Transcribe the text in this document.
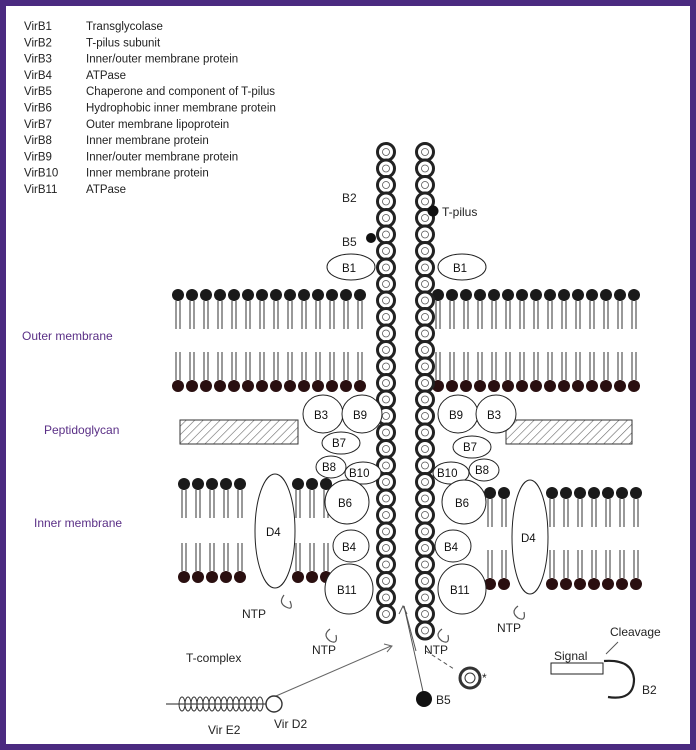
VirB1	Transglycolase
VirB2	T-pilus subunit
VirB3	Inner/outer membrane protein
VirB4	ATPase
VirB5	Chaperone and component of T-pilus
VirB6	Hydrophobic inner membrane protein
VirB7	Outer membrane lipoprotein
VirB8	Inner membrane protein
VirB9	Inner/outer membrane protein
VirB10 Inner membrane protein
VirB11 ATPase
Outer membrane
Peptidoglycan
Inner membrane
B1	B1
B3 B9	B9 B3
B7	B7
B8 B10	B10 B8
B6	B6
B4	B4
B11	B11
D4	D4
NTP
NTP	NTP
NTP
B2
B5
T-pilus
B5
*
T-complex
Vir E2	Vir D2
Signal
B2
Cleavage
